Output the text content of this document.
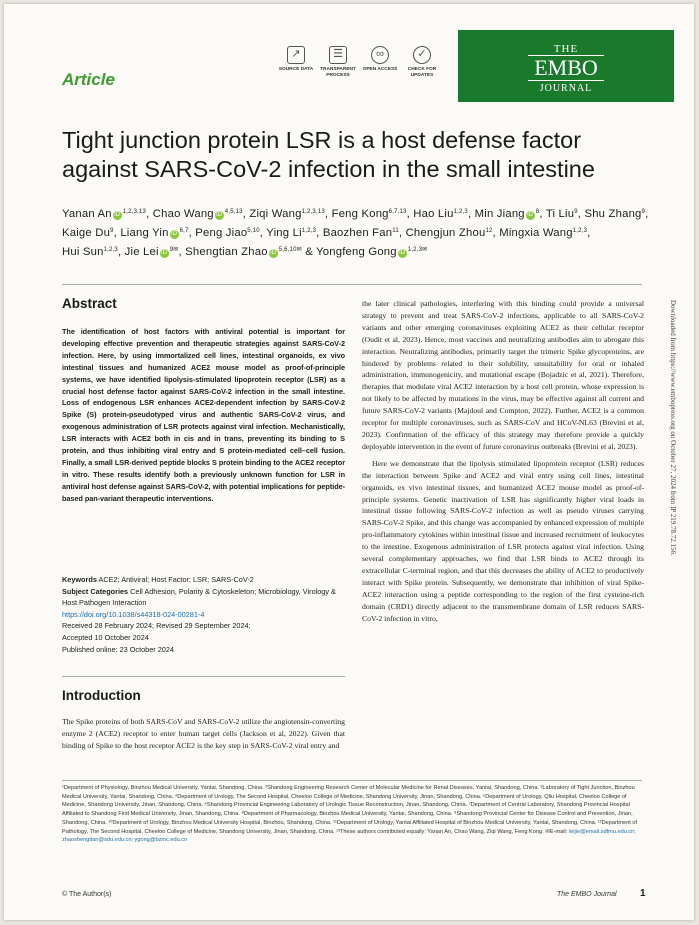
Article
↗
SOURCE DATA
☰
TRANSPARENT PROCESS
∞
OPEN ACCESS
✓
CHECK FOR UPDATES
THE
EMBO
JOURNAL
Tight junction protein LSR is a host defense factor against SARS-CoV-2 infection in the small intestine
Yanan An iD $^{1,2,3,13}$, Chao Wang iD $^{4,5,13}$, Ziqi Wang$^{1,2,3,13}$, Feng Kong$^{6,7,13}$, Hao Liu$^{1,2,3}$, Min Jiang iD $^8$, Ti Liu$^9$, Shu Zhang$^9$, Kaige Du$^9$, Liang Yin iD $^{6,7}$, Peng Jiao$^{5,10}$, Ying Li$^{1,2,3}$, Baozhen Fan$^{11}$, Chengjun Zhou$^{12}$, Mingxia Wang$^{1,2,3}$, Hui Sun$^{1,2,3}$, Jie Lei iD $^{9✉}$, Shengtian Zhao iD $^{5,6,10✉}$ & Yongfeng Gong iD $^{1,2,3✉}$
Abstract
The identification of host factors with antiviral potential is important for developing effective prevention and therapeutic strategies against SARS-CoV-2 infection. Here, by using immortalized cell lines, intestinal organoids, ex vivo intestinal tissues and humanized ACE2 mouse model as proof-of-principle systems, we have identified lipolysis-stimulated lipoprotein receptor (LSR) as a crucial host defense factor against SARS-CoV-2 infection in the small intestine. Loss of endogenous LSR enhances ACE2-dependent infection by SARS-CoV-2 Spike (S) protein-pseudotyped virus and authentic SARS-CoV-2 virus, and exogenous administration of LSR protects against viral infection. Mechanistically, LSR interacts with ACE2 both in cis and in trans, preventing its binding to S protein, and thus inhibiting viral entry and S protein-mediated cell–cell fusion. Finally, a small LSR-derived peptide blocks S protein binding to the ACE2 receptor in vitro. These results identify both a previously unknown function for LSR in antiviral host defense against SARS-CoV-2, with potential implications for peptide-based pan-variant therapeutic interventions.
Keywords ACE2; Antiviral; Host Factor; LSR; SARS-CoV-2
Subject Categories Cell Adhesion, Polarity & Cytoskeleton; Microbiology, Virology & Host Pathogen Interaction
https://doi.org/10.1038/s44318-024-00281-4
Received 28 February 2024; Revised 29 September 2024;
Accepted 10 October 2024
Published online: 23 October 2024
Introduction
The Spike proteins of both SARS-CoV and SARS-CoV-2 utilize the angiotensin-converting enzyme 2 (ACE2) receptor to enter human target cells (Jackson et al, 2022). Given that binding of Spike to the host receptor ACE2 is the key step in SARS-CoV-2 viral entry and

the later clinical pathologies, interfering with this binding could provide a universal strategy to prevent and treat SARS-CoV-2 infections, applicable to all SARS-CoV-2 variants and other emerging coronaviruses exploiting ACE2 as their cellular receptor (Oudit et al, 2023). Hence, most vaccines and neutralizing antibodies aim to abrogate this interaction. Neutralizing antibodies, primarily target the trimeric Spike glycoproteins, are hindered by problems related to their solubility, unsuitability for oral or inhaled administration, immunogenicity, and mutational escape (Bojadzic et al, 2021). Therefore, therapies that modulate viral ACE2 interaction by a host cell protein, whose expression is not likely to be affected by mutations in the virus, may be effective against all current and future SARS-CoV-2 variants (Majdoul and Compton, 2022). Further, ACE2 is a common receptor for multiple coronaviruses, such as SARS-CoV and HCoV-NL63 (Brevini et al, 2023). Confirmation of the efficacy of this strategy may therefore provide a quickly deployable intervention in the event of future coronavirus outbreaks (Brevini et al, 2023).

Here we demonstrate that the lipolysis stimulated lipoprotein receptor (LSR) reduces the interaction between Spike and ACE2 and viral entry using cell lines, intestinal organoids, ex vivo intestinal tissues, and humanized ACE2 mouse model as proof-of-principle systems. Genetic inactivation of LSR has significantly higher viral loads in intestinal tissue following SARS-CoV-2 infection as well as pseudo viruses carrying SARS-CoV-2 Spike, and this change was accompanied by enhanced expression of multiple pro-inflammatory cytokines within intestinal tissue and increased recruitment of leukocytes to the intestine. Exogenous administration of LSR protects against viral infection. Using several complementary approaches, we find that LSR binds to ACE2 through its extracellular C-terminal region, and that this decreases the ability of ACE2 to productively interact with Spike protein. Subsequently, we demonstrate that inhibition of viral Spike-ACE2 interaction using a peptide corresponding to the region of the first cysteine-rich domain (CRD1) directly adjacent to the transmembrane domain of LSR reduces SARS-CoV-2 infection in vitro,

¹Department of Physiology, Binzhou Medical University, Yantai, Shandong, China. ²Shandong Engineering Research Center of Molecular Medicine for Renal Diseases, Yantai, Shandong, China. ³Laboratory of Tight Junction, Binzhou Medical University, Yantai, Shandong, China. ⁴Department of Urology, The Second Hospital, Cheeloo College of Medicine, Shandong University, Jinan, Shandong, China. ⁵Department of Urology, Qilu Hospital, Cheeloo College of Medicine, Shandong University, Jinan, Shandong, China. ⁶Shandong Provincial Engineering Laboratory of Urologic Tissue Reconstruction, Jinan, Shandong, China. ⁷Department of Central Laboratory, Shandong Provincial Hospital Affiliated to Shandong First Medical University, Jinan, Shandong, China. ⁸Department of Pharmacology, Binzhou Medical University, Yantai, Shandong, China. ⁹Shandong Provincial Center for Disease Control and Prevention, Jinan, Shandong, China. ¹⁰Department of Urology, Binzhou Medical University Hospital, Binzhou, Shandong, China. ¹¹Department of Urology, Yantai Affiliated Hospital of Binzhou Medical University, Yantai, Shandong, China. ¹²Department of Pathology, The Second Hospital, Cheeloo College of Medicine, Shandong University, Jinan, Shandong, China. ¹³These authors contributed equally: Yanan An, Chao Wang, Ziqi Wang, Feng Kong. ✉E-mail: leijie@email.sdfmu.edu.cn; zhaoshengtian@sdu.edu.cn; ygong@bzmc.edu.cn
© The Author(s)	The EMBO Journal 1
Downloaded from https://www.embopress.org on October 27, 2024 from IP 219.78.72.156.
